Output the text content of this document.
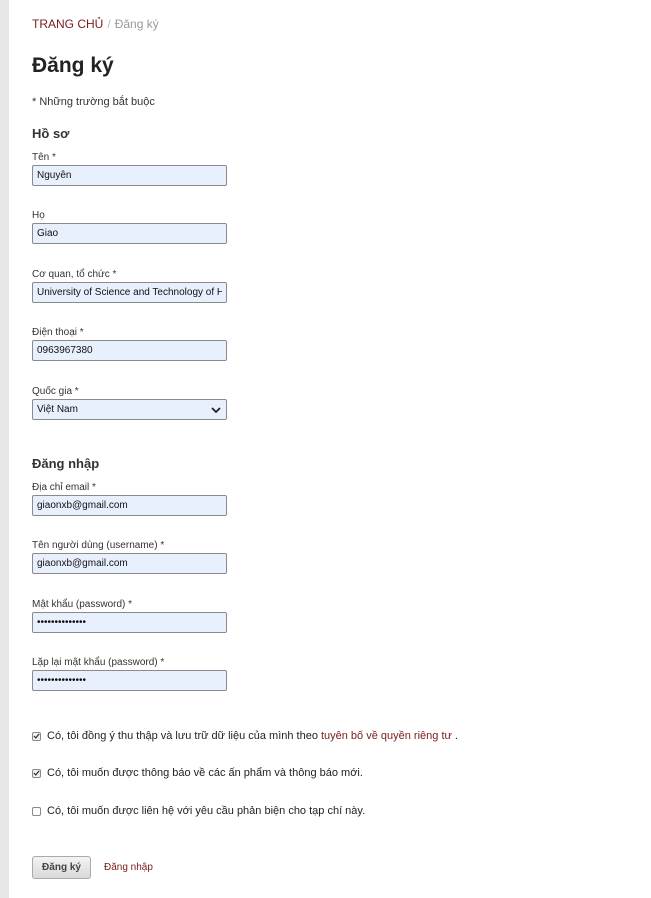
TRANG CHỦ / Đăng ký
Đăng ký
* Những trường bắt buộc
Hồ sơ
Tên *
Nguyễn
Họ
Giao
Cơ quan, tổ chức *
University of Science and Technology of H
Điện thoại *
0963967380
Quốc gia *
Việt Nam
Đăng nhập
Địa chỉ email *
giaonxb@gmail.com
Tên người dùng (username) *
giaonxb@gmail.com
Mật khẩu (password) *
••••••••••••••
Lặp lại mật khẩu (password) *
••••••••••••••
Có, tôi đồng ý thu thập và lưu trữ dữ liệu của mình theo tuyên bố về quyền riêng tư .
Có, tôi muốn được thông báo về các ấn phẩm và thông báo mới.
Có, tôi muốn được liên hệ với yêu cầu phản biện cho tạp chí này.
Đăng ký	Đăng nhập
